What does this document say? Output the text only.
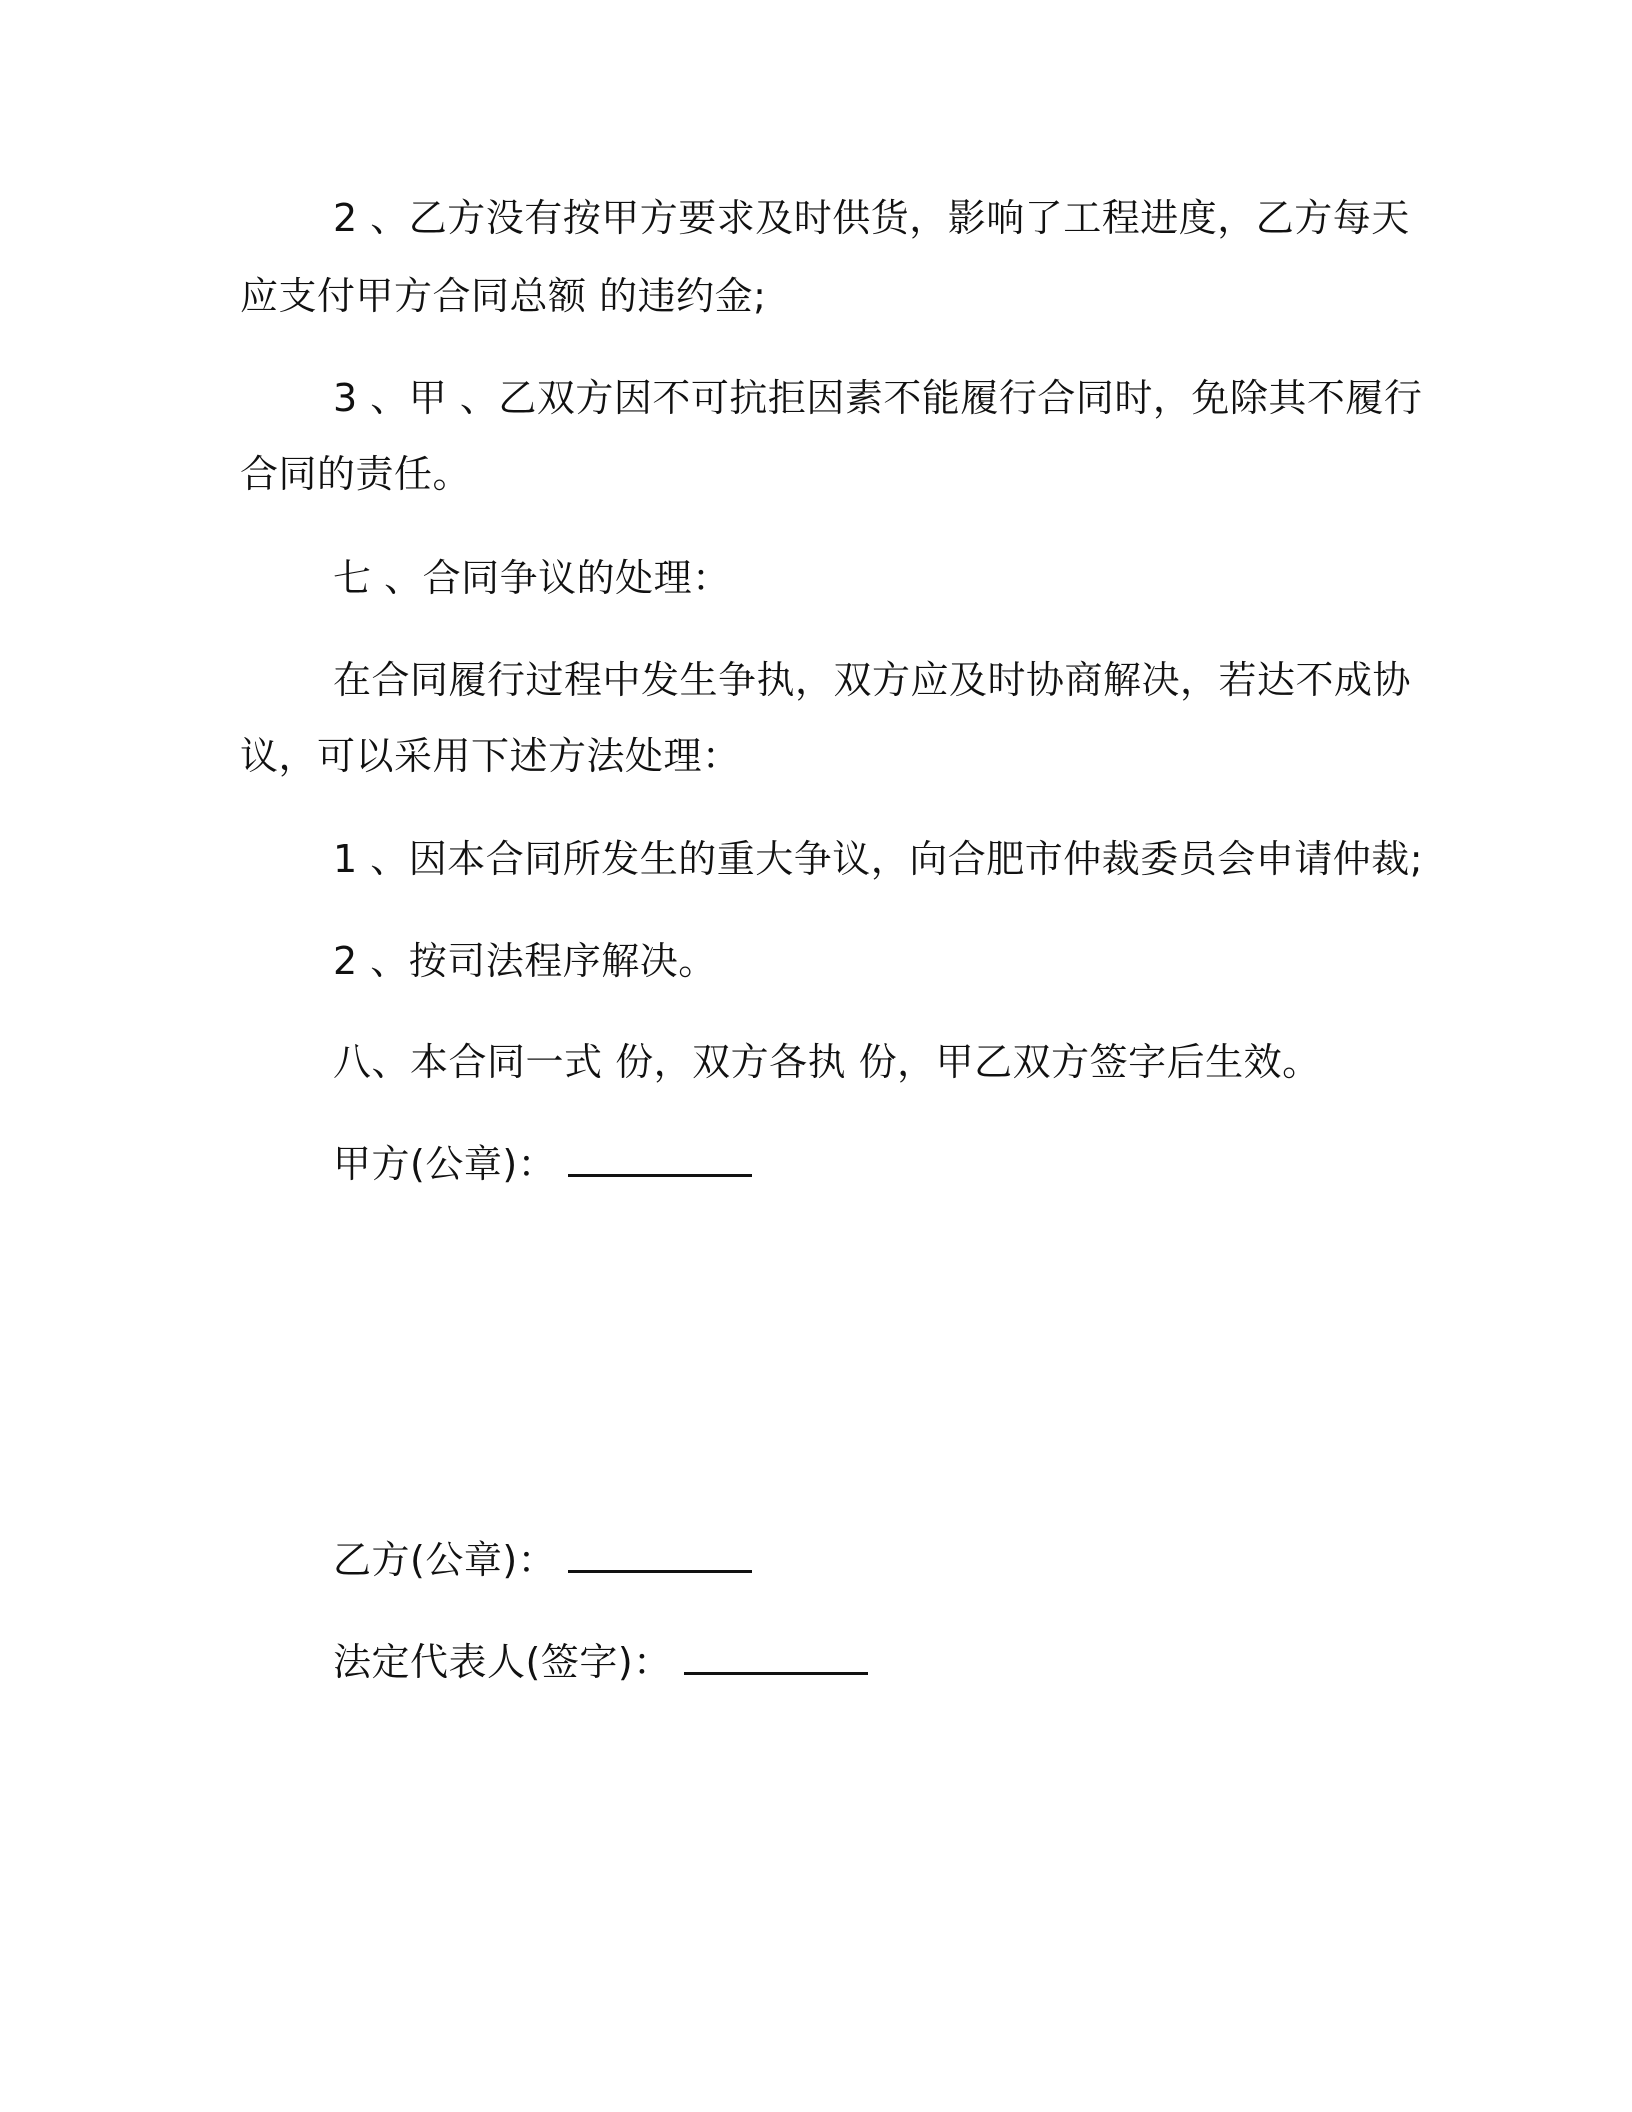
2 、乙方没有按甲方要求及时供货，影响了工程进度，乙方每天
应支付甲方合同总额 的违约金;
3 、甲 、乙双方因不可抗拒因素不能履行合同时，免除其不履行
合同的责任。
七 、合同争议的处理：
在合同履行过程中发生争执，双方应及时协商解决，若达不成协
议，可以采用下述方法处理：
1 、因本合同所发生的重大争议，向合肥市仲裁委员会申请仲裁;
2 、按司法程序解决。
八、本合同一式 份，双方各执 份，甲乙双方签字后生效。
甲方(公章)：
乙方(公章)：
法定代表人(签字)：
